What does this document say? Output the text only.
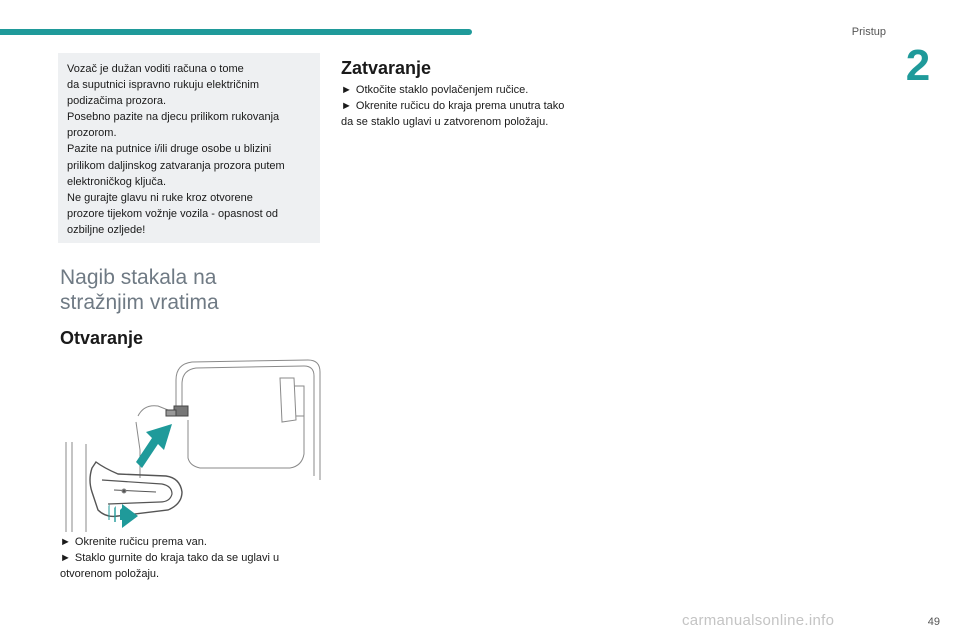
Pristup
2

Vozač je dužan voditi računa o tome
da suputnici ispravno rukuju električnim
podizačima prozora.
Posebno pazite na djecu prilikom rukovanja
prozorom.
Pazite na putnice i/ili druge osobe u blizini
prilikom daljinskog zatvaranja prozora putem
elektroničkog ključa.
Ne gurajte glavu ni ruke kroz otvorene
prozore tijekom vožnje vozila - opasnost od
ozbiljne ozljede!

Nagib stakala na
stražnjim vratima
Otvaranje

► Okrenite ručicu prema van.

► Staklo gurnite do kraja tako da se uglavi u
otvorenom položaju.

Zatvaranje

► Otkočite staklo povlačenjem ručice.

► Okrenite ručicu do kraja prema unutra tako
da se staklo uglavi u zatvorenom položaju.

carmanualsonline.info	49
